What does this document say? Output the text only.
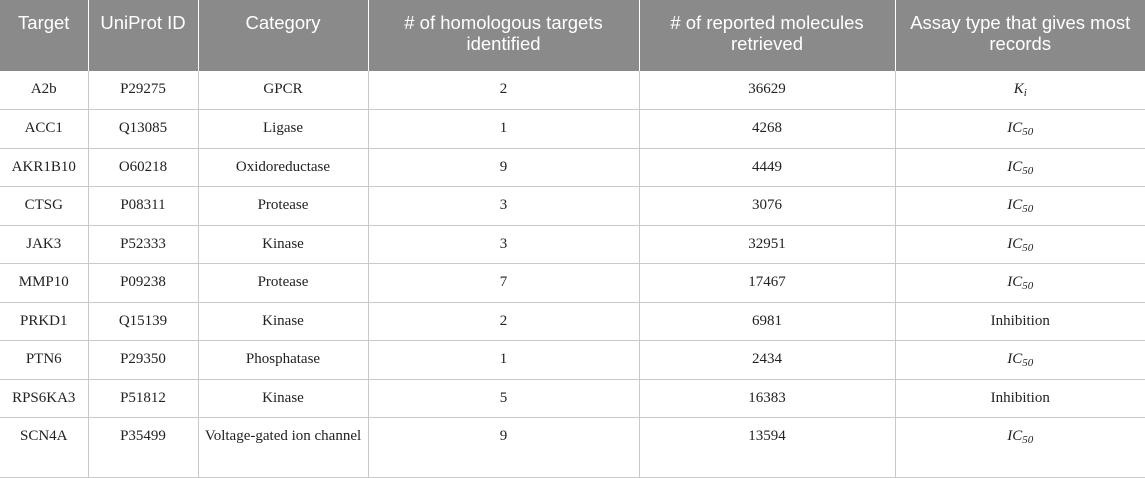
Target	UniProt ID	Category	# of homologous targets identified	# of reported molecules retrieved	Assay type that gives most records
A2b	P29275	GPCR	2	36629	$K_i$
ACC1	Q13085	Ligase	1	4268	$IC_{50}$
AKR1B10	O60218	Oxidoreductase	9	4449	$IC_{50}$
CTSG	P08311	Protease	3	3076	$IC_{50}$
JAK3	P52333	Kinase	3	32951	$IC_{50}$
MMP10	P09238	Protease	7	17467	$IC_{50}$
PRKD1	Q15139	Kinase	2	6981	Inhibition
PTN6	P29350	Phosphatase	1	2434	$IC_{50}$
RPS6KA3	P51812	Kinase	5	16383	Inhibition
SCN4A	P35499	Voltage-gated ion channel	9	13594	$IC_{50}$
